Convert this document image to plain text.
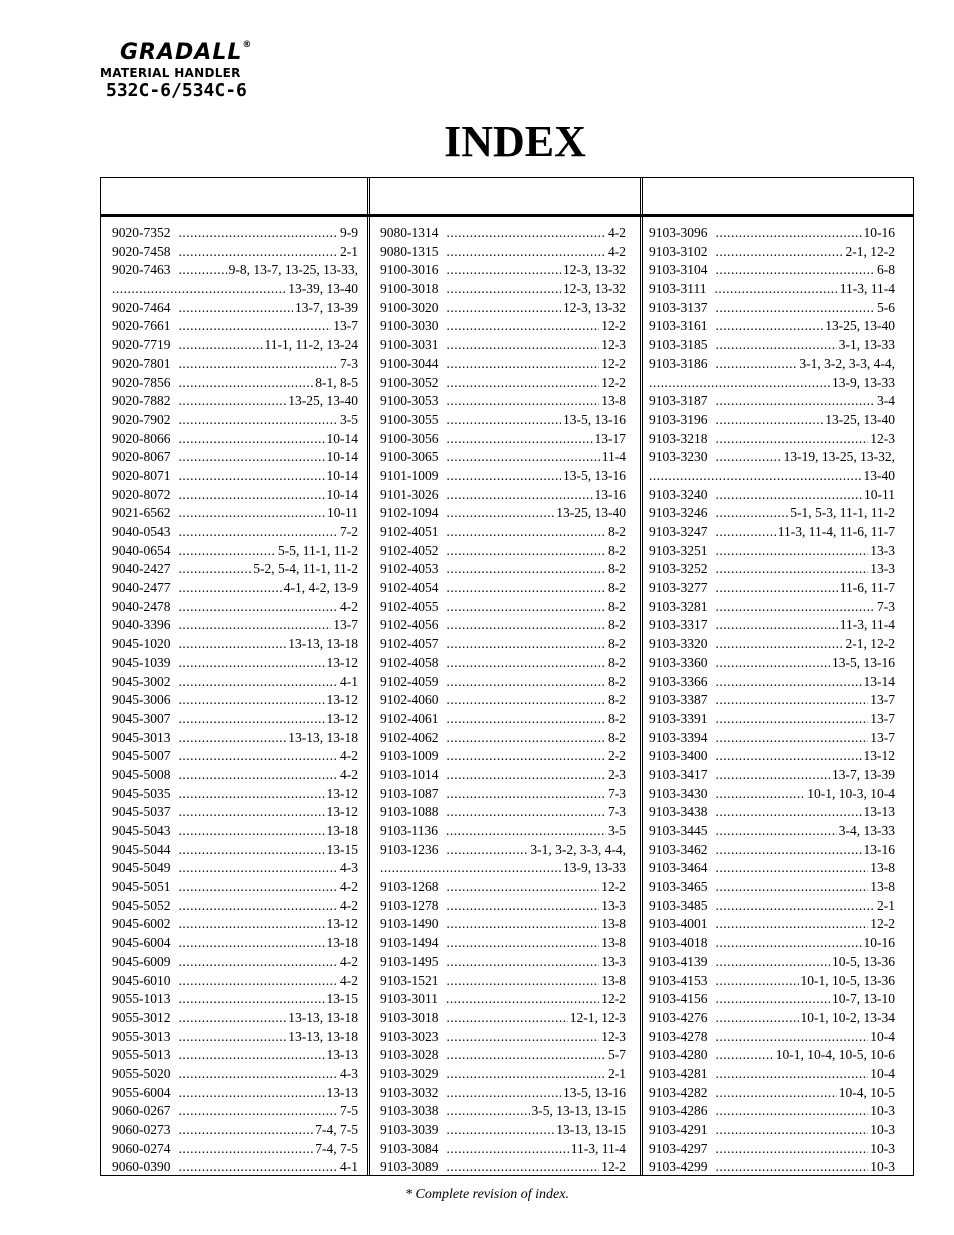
GRADALL®
MATERIAL HANDLER
532C-6/534C-6
INDEX
9020-7352 .....	9-9
9020-7458 .....	2-1
9020-7463 .....	9-8, 13-7, 13-25, 13-33,
.....
13-39, 13-40
9020-7464 .....	13-7, 13-39
9020-7661 .....	13-7
9020-7719 .....	11-1, 11-2, 13-24
9020-7801 .....	7-3
9020-7856 .....	8-1, 8-5
9020-7882 .....	13-25, 13-40
9020-7902 .....	3-5
9020-8066 .....	10-14
9020-8067 .....	10-14
9020-8071 .....	10-14
9020-8072 .....	10-14
9021-6562 .....	10-11
9040-0543 .....	7-2
9040-0654 .....	5-5, 11-1, 11-2
9040-2427 .....	5-2, 5-4, 11-1, 11-2
9040-2477 .....	4-1, 4-2, 13-9
9040-2478 .....	4-2
9040-3396 .....	13-7
9045-1020 .....	13-13, 13-18
9045-1039 .....	13-12
9045-3002 .....	4-1
9045-3006 .....	13-12
9045-3007 .....	13-12
9045-3013 .....	13-13, 13-18
9045-5007 .....	4-2
9045-5008 .....	4-2
9045-5035 .....	13-12
9045-5037 .....	13-12
9045-5043 .....	13-18
9045-5044 .....	13-15
9045-5049 .....	4-3
9045-5051 .....	4-2
9045-5052 .....	4-2
9045-6002 .....	13-12
9045-6004 .....	13-18
9045-6009 .....	4-2
9045-6010 .....	4-2
9055-1013 .....	13-15
9055-3012 .....	13-13, 13-18
9055-3013 .....	13-13, 13-18
9055-5013 .....	13-13
9055-5020 .....	4-3
9055-6004 .....	13-13
9060-0267 .....	7-5
9060-0273 .....	7-4, 7-5
9060-0274 .....	7-4, 7-5
9060-0390 .....	4-1
9080-1314 .....	4-2
9080-1315 .....	4-2
9100-3016 .....	12-3, 13-32
9100-3018 .....	12-3, 13-32
9100-3020 .....	12-3, 13-32
9100-3030 .....	12-2
9100-3031 .....	12-3
9100-3044 .....	12-2
9100-3052 .....	12-2
9100-3053 .....	13-8
9100-3055 .....	13-5, 13-16
9100-3056 .....	13-17
9100-3065 .....	11-4
9101-1009 .....	13-5, 13-16
9101-3026 .....	13-16
9102-1094 .....	13-25, 13-40
9102-4051 .....	8-2
9102-4052 .....	8-2
9102-4053 .....	8-2
9102-4054 .....	8-2
9102-4055 .....	8-2
9102-4056 .....	8-2
9102-4057 .....	8-2
9102-4058 .....	8-2
9102-4059 .....	8-2
9102-4060 .....	8-2
9102-4061 .....	8-2
9102-4062 .....	8-2
9103-1009 .....	2-2
9103-1014 .....	2-3
9103-1087 .....	7-3
9103-1088 .....	7-3
9103-1136 .....	3-5
9103-1236 .....	3-1, 3-2, 3-3, 4-4,
.....
13-9, 13-33
9103-1268 .....	12-2
9103-1278 .....	13-3
9103-1490 .....	13-8
9103-1494 .....	13-8
9103-1495 .....	13-3
9103-1521 .....	13-8
9103-3011 .....	12-2
9103-3018 .....	12-1, 12-3
9103-3023 .....	12-3
9103-3028 .....	5-7
9103-3029 .....	2-1
9103-3032 .....	13-5, 13-16
9103-3038 .....	3-5, 13-13, 13-15
9103-3039 .....	13-13, 13-15
9103-3084 .....	11-3, 11-4
9103-3089 .....	12-2
9103-3096 .....	10-16
9103-3102 .....	2-1, 12-2
9103-3104 .....	6-8
9103-3111 .....	11-3, 11-4
9103-3137 .....	5-6
9103-3161 .....	13-25, 13-40
9103-3185 .....	3-1, 13-33
9103-3186 .....	3-1, 3-2, 3-3, 4-4,
.....
13-9, 13-33
9103-3187 .....	3-4
9103-3196 .....	13-25, 13-40
9103-3218 .....	12-3
9103-3230 .....	13-19, 13-25, 13-32,
.....
13-40
9103-3240 .....	10-11
9103-3246 .....	5-1, 5-3, 11-1, 11-2
9103-3247 .....	11-3, 11-4, 11-6, 11-7
9103-3251 .....	13-3
9103-3252 .....	13-3
9103-3277 .....	11-6, 11-7
9103-3281 .....	7-3
9103-3317 .....	11-3, 11-4
9103-3320 .....	2-1, 12-2
9103-3360 .....	13-5, 13-16
9103-3366 .....	13-14
9103-3387 .....	13-7
9103-3391 .....	13-7
9103-3394 .....	13-7
9103-3400 .....	13-12
9103-3417 .....	13-7, 13-39
9103-3430 .....	10-1, 10-3, 10-4
9103-3438 .....	13-13
9103-3445 .....	3-4, 13-33
9103-3462 .....	13-16
9103-3464 .....	13-8
9103-3465 .....	13-8
9103-3485 .....	2-1
9103-4001 .....	12-2
9103-4018 .....	10-16
9103-4139 .....	10-5, 13-36
9103-4153 .....	10-1, 10-5, 13-36
9103-4156 .....	10-7, 13-10
9103-4276 .....	10-1, 10-2, 13-34
9103-4278 .....	10-4
9103-4280 .....	10-1, 10-4, 10-5, 10-6
9103-4281 .....	10-4
9103-4282 .....	10-4, 10-5
9103-4286 .....	10-3
9103-4291 .....	10-3
9103-4297 .....	10-3
9103-4299 .....	10-3
* Complete revision of index.
